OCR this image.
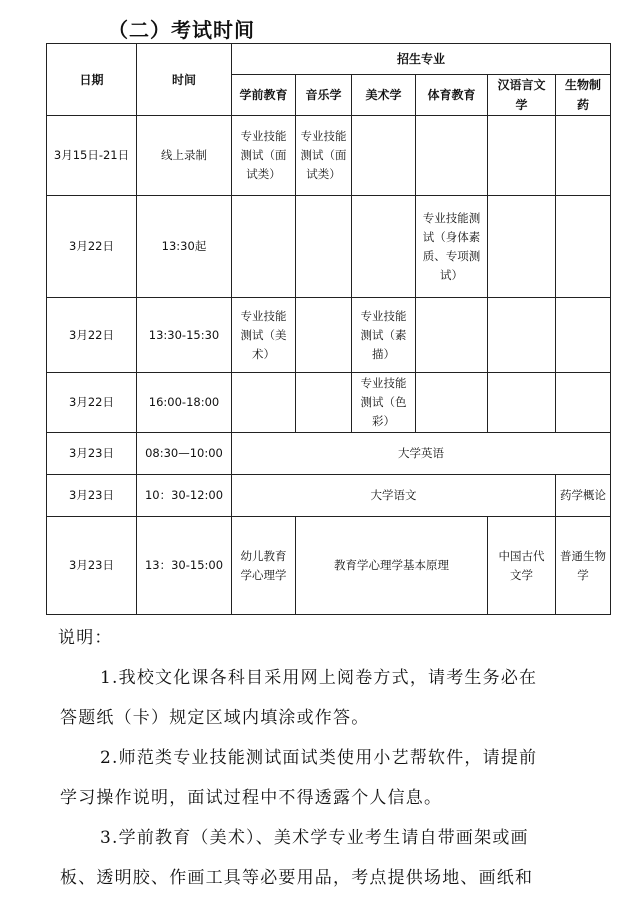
（二）考试时间
日期	时间	招生专业					

		学前教育	音乐学	美术学	体育教育	汉语言文学	生物制药

3月15日-21日	线上录制	专业技能测试（面试类）	专业技能测试（面试类）				

3月22日	13:30起				专业技能测试（身体素质、专项测试）		

3月22日	13:30-15:30	专业技能测试（美术）		专业技能测试（素描）			

3月22日	16:00-18:00			专业技能测试（色彩）			

3月23日	08:30—10:00	大学英语					
3月23日	10：30-12:00	大学语文					药学概论

3月23日	13：30-15:00	幼儿教育学心理学	教育学心理学基本原理			中国古代文学	普通生物学

说明：

1.我校文化课各科目采用网上阅卷方式，请考生务必在

答题纸（卡）规定区域内填涂或作答。

2.师范类专业技能测试面试类使用小艺帮软件，请提前

学习操作说明，面试过程中不得透露个人信息。

3.学前教育（美术）、美术学专业考生请自带画架或画

板、透明胶、作画工具等必要用品，考点提供场地、画纸和
